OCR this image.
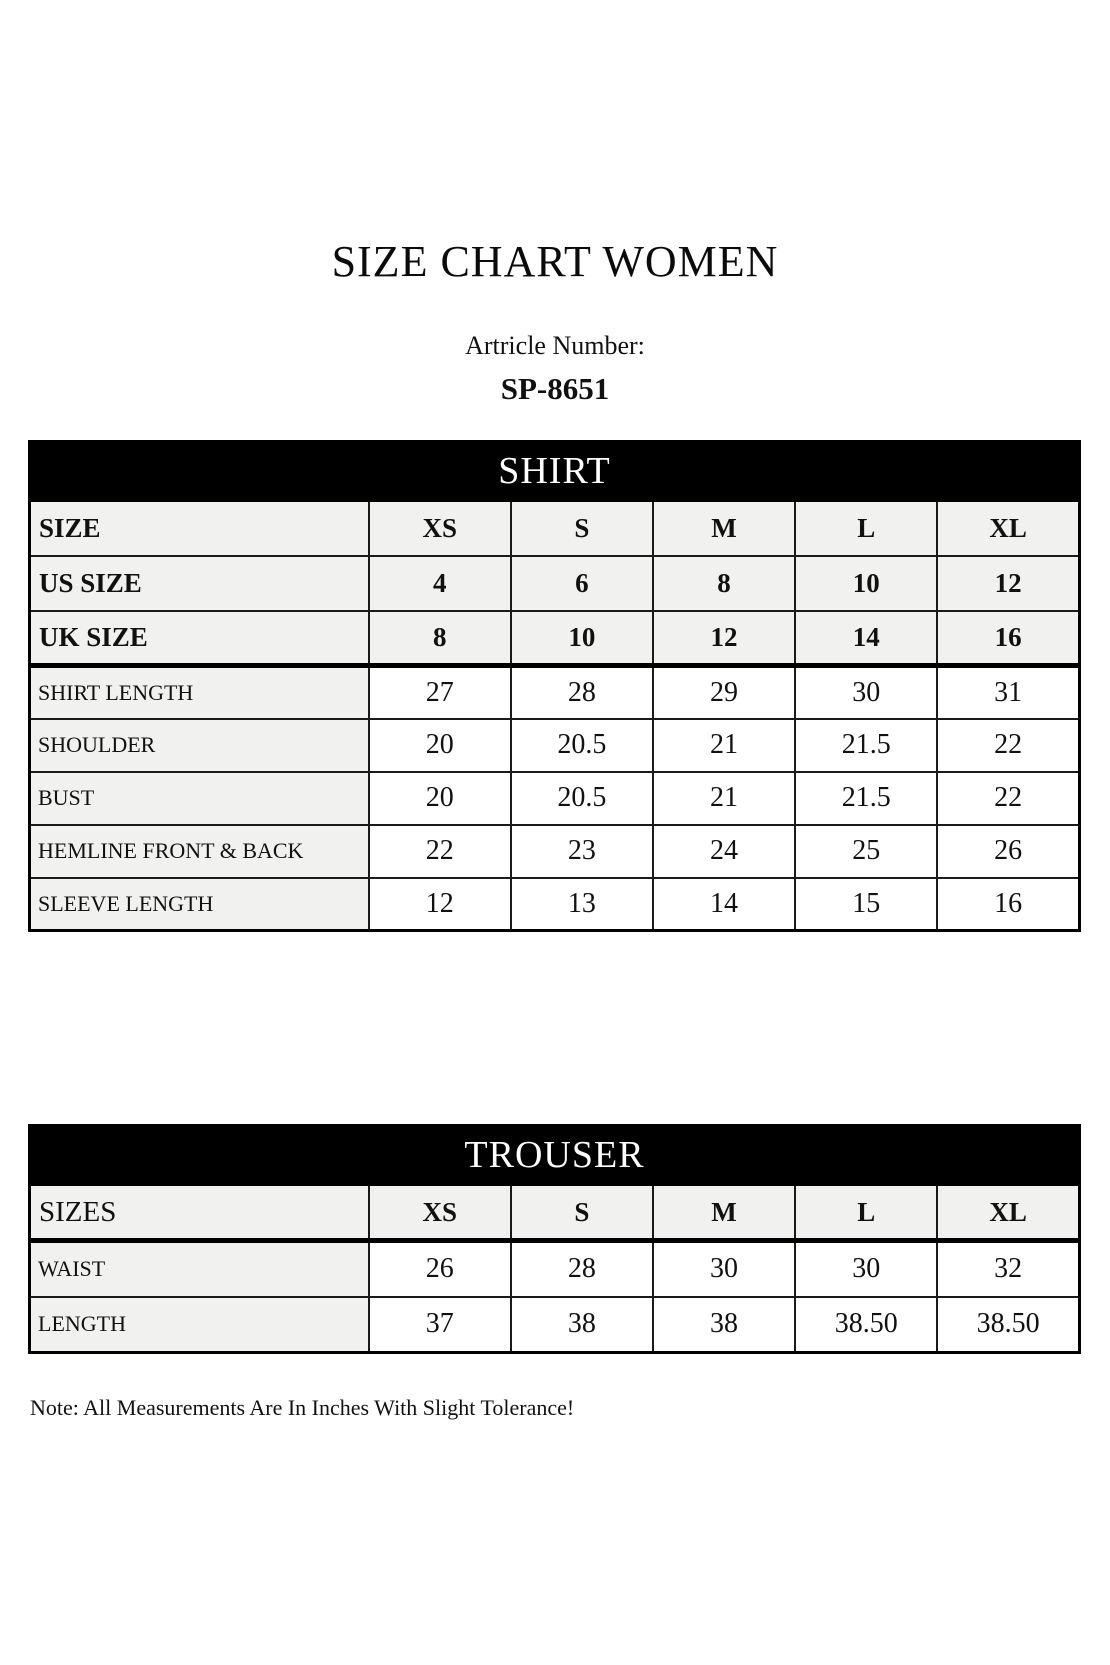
SIZE CHART WOMEN
Artricle Number:
SP-8651
SHIRT					
SIZE	XS	S	M	L	XL
US SIZE	4	6	8	10	12
UK SIZE	8	10	12	14	16
SHIRT LENGTH	27	28	29	30	31
SHOULDER	20	20.5	21	21.5	22
BUST	20	20.5	21	21.5	22
HEMLINE FRONT & BACK	22	23	24	25	26
SLEEVE LENGTH	12	13	14	15	16
TROUSER					
SIZES	XS	S	M	L	XL
WAIST	26	28	30	30	32
LENGTH	37	38	38	38.50	38.50
Note: All Measurements Are In Inches With Slight Tolerance!
